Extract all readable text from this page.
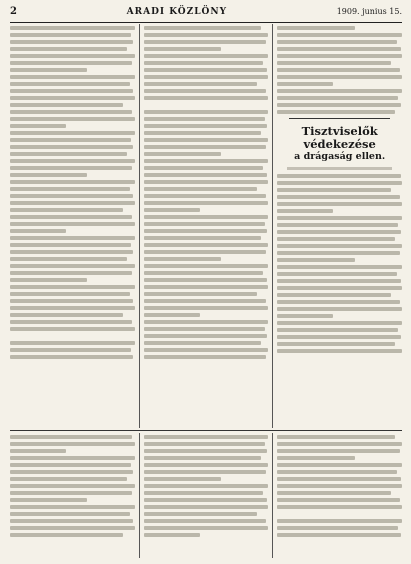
2	ARADI KÖZLÖNY	1909. junius 15.
Tisztviselők védekezése
a drágaság ellen.
